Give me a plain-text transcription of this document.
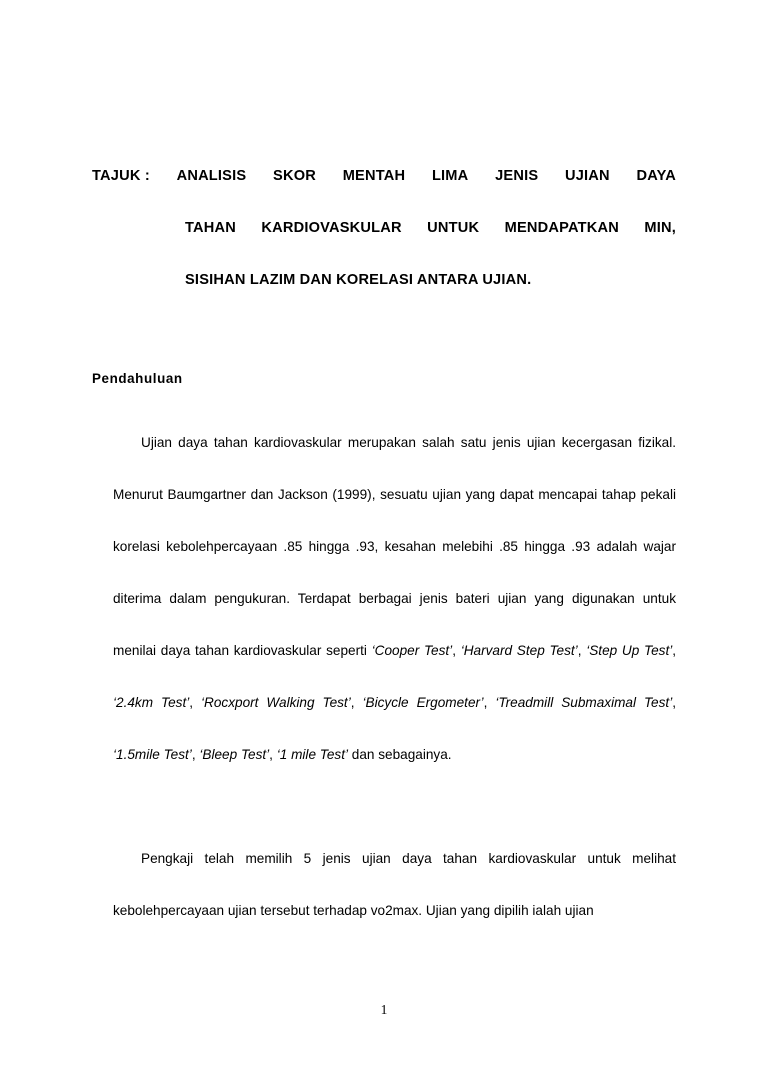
TAJUK : ANALISIS SKOR MENTAH LIMA JENIS UJIAN DAYA
TAHAN KARDIOVASKULAR UNTUK MENDAPATKAN MIN,
SISIHAN LAZIM DAN KORELASI ANTARA UJIAN.
Pendahuluan

Ujian daya tahan kardiovaskular merupakan salah satu jenis ujian kecergasan fizikal. Menurut Baumgartner dan Jackson (1999), sesuatu ujian yang dapat mencapai tahap pekali korelasi kebolehpercayaan .85 hingga .93, kesahan melebihi .85 hingga .93 adalah wajar diterima dalam pengukuran. Terdapat berbagai jenis bateri ujian yang digunakan untuk menilai daya tahan kardiovaskular seperti ‘Cooper Test’, ‘Harvard Step Test’, ‘Step Up Test’, ‘2.4km Test’, ‘Rocxport Walking Test’, ‘Bicycle Ergometer’, ‘Treadmill Submaximal Test’, ‘1.5mile Test’, ‘Bleep Test’, ‘1 mile Test’ dan sebagainya.

Pengkaji telah memilih 5 jenis ujian daya tahan kardiovaskular untuk melihat kebolehpercayaan ujian tersebut terhadap vo2max. Ujian yang dipilih ialah ujian

1
